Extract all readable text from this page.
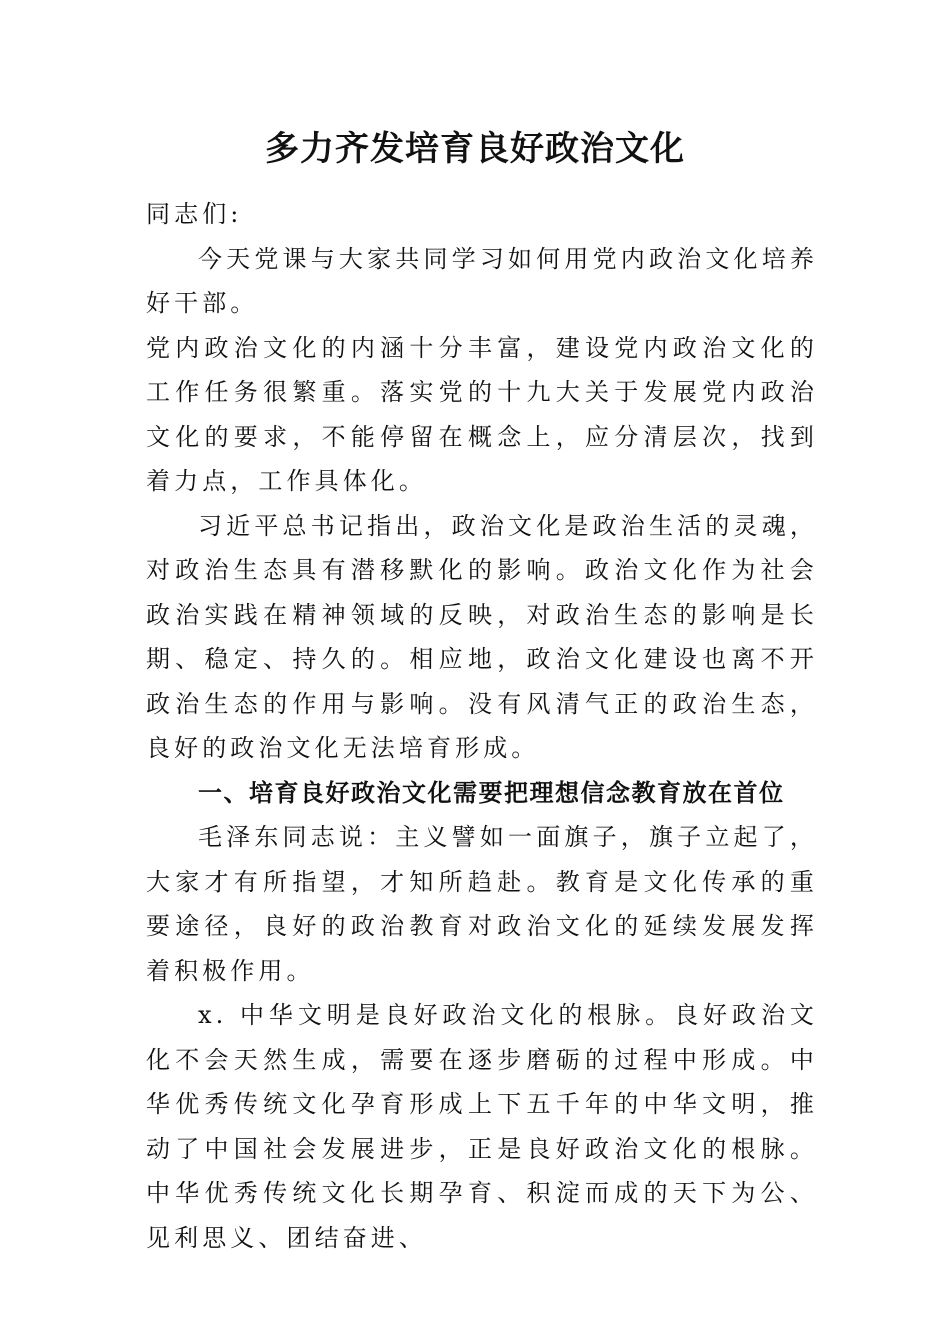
多力齐发培育良好政治文化

同志们:

今天党课与大家共同学习如何用党内政治文化培养好干部。

党内政治文化的内涵十分丰富，建设党内政治文化的工作任务很繁重。落实党的十九大关于发展党内政治文化的要求，不能停留在概念上，应分清层次，找到着力点，工作具体化。

习近平总书记指出，政治文化是政治生活的灵魂，对政治生态具有潜移默化的影响。政治文化作为社会政治实践在精神领域的反映，对政治生态的影响是长期、稳定、持久的。相应地，政治文化建设也离不开政治生态的作用与影响。没有风清气正的政治生态，良好的政治文化无法培育形成。

一、培育良好政治文化需要把理想信念教育放在首位

毛泽东同志说：主义譬如一面旗子，旗子立起了，大家才有所指望，才知所趋赴。教育是文化传承的重要途径，良好的政治教育对政治文化的延续发展发挥着积极作用。

x. 中华文明是良好政治文化的根脉。良好政治文化不会天然生成，需要在逐步磨砺的过程中形成。中华优秀传统文化孕育形成上下五千年的中华文明，推动了中国社会发展进步，正是良好政治文化的根脉。中华优秀传统文化长期孕育、积淀而成的天下为公、见利思义、团结奋进、
